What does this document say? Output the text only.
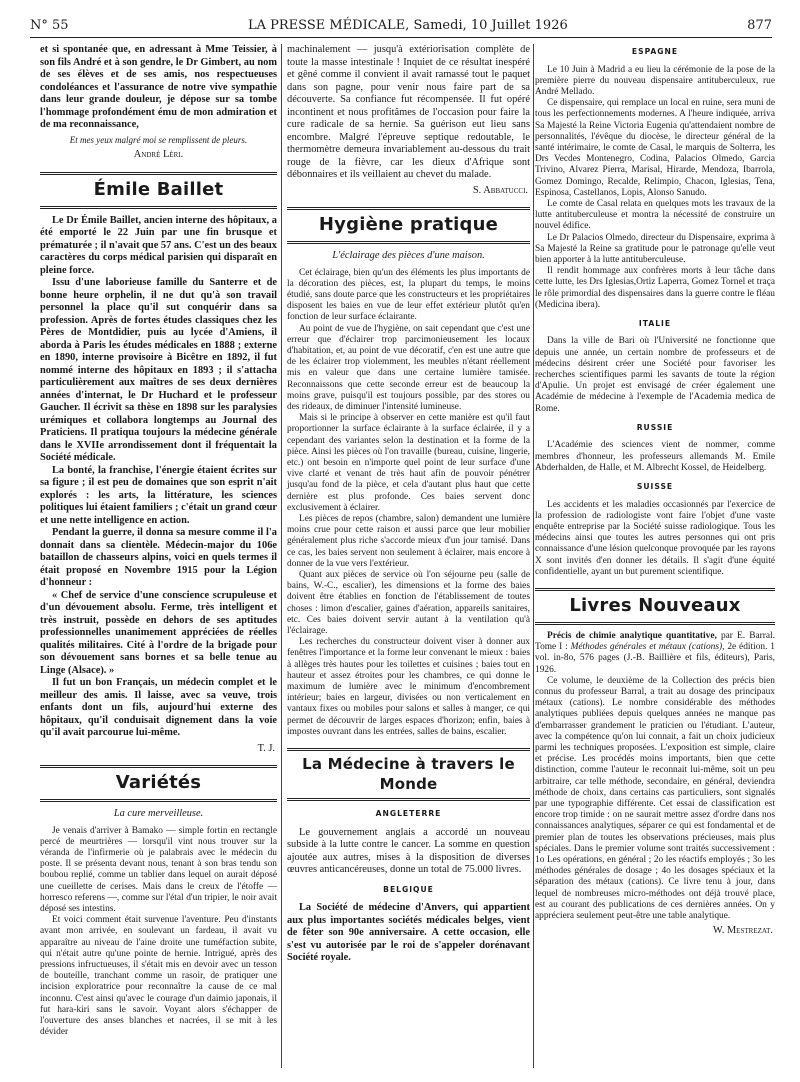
N° 55	LA PRESSE MÉDICALE, Samedi, 10 Juillet 1926	877

et si spontanée que, en adressant à Mme Teissier, à son fils André et à son gendre, le Dr Gimbert, au nom de ses élèves et de ses amis, nos respectueuses condoléances et l'assurance de notre vive sympathie dans leur grande douleur, je dépose sur sa tombe l'hommage profondément ému de mon admiration et de ma reconnaissance,

Et mes yeux malgré moi se remplissent de pleurs.
André Léri.
Émile Baillet

Le Dr Émile Baillet, ancien interne des hôpitaux, a été emporté le 22 Juin par une fin brusque et prématurée ; il n'avait que 57 ans. C'est un des beaux caractères du corps médical parisien qui disparaît en pleine force.

Issu d'une laborieuse famille du Santerre et de bonne heure orphelin, il ne dut qu'à son travail personnel la place qu'il sut conquérir dans sa profession. Après de fortes études classiques chez les Pères de Montdidier, puis au lycée d'Amiens, il aborda à Paris les études médicales en 1888 ; externe en 1890, interne provisoire à Bicêtre en 1892, il fut nommé interne des hôpitaux en 1893 ; il s'attacha particulièrement aux maîtres de ses deux dernières années d'internat, le Dr Huchard et le professeur Gaucher. Il écrivit sa thèse en 1898 sur les paralysies urémiques et collabora longtemps au Journal des Praticiens. Il pratiqua toujours la médecine générale dans le XVIIe arrondissement dont il fréquentait la Société médicale.

La bonté, la franchise, l'énergie étaient écrites sur sa figure ; il est peu de domaines que son esprit n'ait explorés : les arts, la littérature, les sciences politiques lui étaient familiers ; c'était un grand cœur et une nette intelligence en action.

Pendant la guerre, il donna sa mesure comme il l'a donnait dans sa clientèle. Médecin-major du 106e bataillon de chasseurs alpins, voici en quels termes il était proposé en Novembre 1915 pour la Légion d'honneur :

« Chef de service d'une conscience scrupuleuse et d'un dévouement absolu. Ferme, très intelligent et très instruit, possède en dehors de ses aptitudes professionnelles unanimement appréciées de réelles qualités militaires. Cité à l'ordre de la brigade pour son dévouement sans bornes et sa belle tenue au Linge (Alsace). »

Il fut un bon Français, un médecin complet et le meilleur des amis. Il laisse, avec sa veuve, trois enfants dont un fils, aujourd'hui externe des hôpitaux, qu'il conduisait dignement dans la voie qu'il avait parcourue lui-même.

T. J.
Variétés
La cure merveilleuse.

Je venais d'arriver à Bamako — simple fortin en rectangle percé de meurtrières — lorsqu'il vint nous trouver sur la véranda de l'infirmerie où je palabrais avec le médecin du poste. Il se présenta devant nous, tenant à son bras tendu son boubou replié, comme un tablier dans lequel on aurait déposé une cueillette de cerises. Mais dans le creux de l'étoffe — horresco referens —, comme sur l'étal d'un tripier, le noir avait déposé ses intestins.

Et voici comment était survenue l'aventure. Peu d'instants avant mon arrivée, en soulevant un fardeau, il avait vu apparaître au niveau de l'aine droite une tuméfaction subite, qui n'était autre qu'une pointe de hernie. Intrigué, après des pressions infructueuses, il s'était mis en devoir avec un tesson de bouteille, tranchant comme un rasoir, de pratiquer une incision exploratrice pour reconnaître la cause de ce mal inconnu. C'est ainsi qu'avec le courage d'un daimio japonais, il fut hara-kiri sans le savoir. Voyant alors s'échapper de l'ouverture des anses blanches et nacrées, il se mit à les dévider

machinalement — jusqu'à extériorisation complète de toute la masse intestinale ! Inquiet de ce résultat inespéré et gêné comme il convient il avait ramassé tout le paquet dans son pagne, pour venir nous faire part de sa découverte. Sa confiance fut récompensée. Il fut opéré incontinent et nous profitâmes de l'occasion pour faire la cure radicale de sa hernie. Sa guérison eut lieu sans encombre. Malgré l'épreuve septique redoutable, le thermomètre demeura invariablement au-dessous du trait rouge de la fièvre, car les dieux d'Afrique sont débonnaires et ils veillaient au chevet du malade.

S. Abbatucci.
Hygiène pratique
L'éclairage des pièces d'une maison.

Cet éclairage, bien qu'un des éléments les plus importants de la décoration des pièces, est, la plupart du temps, le moins étudié, sans doute parce que les constructeurs et les propriétaires disposent les baies en vue de leur effet extérieur plutôt qu'en fonction de leur surface éclairante.

Au point de vue de l'hygiène, on sait cependant que c'est une erreur que d'éclairer trop parcimonieusement les locaux d'habitation, et, au point de vue décoratif, c'en est une autre que de les éclairer trop violemment, les meubles n'étant réellement mis en valeur que dans une certaine lumière tamisée. Reconnaissons que cette seconde erreur est de beaucoup la moins grave, puisqu'il est toujours possible, par des stores ou des rideaux, de diminuer l'intensité lumineuse.

Mais si le principe à observer en cette manière est qu'il faut proportionner la surface éclairante à la surface éclairée, il y a cependant des variantes selon la destination et la forme de la pièce. Ainsi les pièces où l'on travaille (bureau, cuisine, lingerie, etc.) ont besoin en n'importe quel point de leur surface d'une vive clarté et venant de très haut afin de pouvoir pénétrer jusqu'au fond de la pièce, et cela d'autant plus haut que cette dernière est plus profonde. Ces baies servent donc exclusivement à éclairer.

Les pièces de repos (chambre, salon) demandent une lumière moins crue pour cette raison et aussi parce que leur mobilier généralement plus riche s'accorde mieux d'un jour tamisé. Dans ce cas, les baies servent non seulement à éclairer, mais encore à donner de la vue vers l'extérieur.

Quant aux pièces de service où l'on séjourne peu (salle de bains, W.-C., escalier), les dimensions et la forme des baies doivent être établies en fonction de l'établissement de toutes choses : limon d'escalier, gaines d'aération, appareils sanitaires, etc. Ces baies doivent servir autant à la ventilation qu'à l'éclairage.

Les recherches du constructeur doivent viser à donner aux fenêtres l'importance et la forme leur convenant le mieux : baies à allèges très hautes pour les toilettes et cuisines ; baies tout en hauteur et assez étroites pour les chambres, ce qui donne le maximum de lumière avec le minimum d'encombrement intérieur; baies en largeur, divisées ou non verticalement en vantaux fixes ou mobiles pour salons et salles à manger, ce qui permet de découvrir de larges espaces d'horizon; enfin, baies à impostes ouvrant dans les entrées, salles de bains, escalier.

La Médecine à travers le Monde
ANGLETERRE

Le gouvernement anglais a accordé un nouveau subside à la lutte contre le cancer. La somme en question ajoutée aux autres, mises à la disposition de diverses œuvres anticancéreuses, donne un total de 75.000 livres.

BELGIQUE

La Société de médecine d'Anvers, qui appartient aux plus importantes sociétés médicales belges, vient de fêter son 90e anniversaire. A cette occasion, elle s'est vu autorisée par le roi de s'appeler dorénavant Société royale.

ESPAGNE

Le 10 Juin à Madrid a eu lieu la cérémonie de la pose de la première pierre du nouveau dispensaire antituberculeux, rue André Mellado.

Ce dispensaire, qui remplace un local en ruine, sera muni de tous les perfectionnements modernes. A l'heure indiquée, arriva Sa Majesté la Reine Victoria Eugenia qu'attendaient nombre de personnalités, l'évêque du diocèse, le directeur général de la santé intérimaire, le comte de Casal, le marquis de Solterra, les Drs Vecdes Montenegro, Codina, Palacios Olmedo, Garcia Trivino, Alvarez Pierra, Marisal, Hirarde, Mendoza, Ibarrola, Gomez Domingo, Recalde, Relimpio, Chacon, Iglesias, Tena, Espinosa, Castellanos, Lopis, Alonso Sanudo.

Le comte de Casal relata en quelques mots les travaux de la lutte antituberculeuse et montra la nécessité de construire un nouvel édifice.

Le Dr Palacios Olmedo, directeur du Dispensaire, exprima à Sa Majesté la Reine sa gratitude pour le patronage qu'elle veut bien apporter à la lutte antituberculeuse.

Il rendit hommage aux confrères morts à leur tâche dans cette lutte, les Drs Iglesias,Ortiz Laperra, Gomez Tornel et traça le rôle primordial des dispensaires dans la guerre contre le fléau (Medicina ibera).

ITALIE

Dans la ville de Bari où l'Université ne fonctionne que depuis une année, un certain nombre de professeurs et de médecins désirent créer une Société pour favoriser les recherches scientifiques parmi les savants de toute la région d'Apulie. Un projet est envisagé de créer également une Académie de médecine à l'exemple de l'Academia medica de Rome.

RUSSIE

L'Académie des sciences vient de nommer, comme membres d'honneur, les professeurs allemands M. Emile Abderhalden, de Halle, et M. Albrecht Kossel, de Heidelberg.

SUISSE

Les accidents et les maladies occasionnés par l'exercice de la profession de radiologiste vont faire l'objet d'une vaste enquête entreprise par la Société suisse radiologique. Tous les médecins ainsi que toutes les autres personnes qui ont pris connaissance d'une lésion quelconque provoquée par les rayons X sont invités d'en donner les détails. Il s'agit d'une équité confidentielle, ayant un but purement scientifique.

Livres Nouveaux

Précis de chimie analytique quantitative, par E. Barral. Tome I : Méthodes générales et métaux (cations), 2e édition. 1 vol. in-8o, 576 pages (J.-B. Baillière et fils, éditeurs), Paris, 1926.

Ce volume, le deuxième de la Collection des précis bien connus du professeur Barral, a trait au dosage des principaux métaux (cations). Le nombre considérable des méthodes analytiques publiées depuis quelques années ne manque pas d'embarrasser grandement le praticien ou l'étudiant. L'auteur, avec la compétence qu'on lui connait, a fait un choix judicieux parmi les techniques proposées. L'exposition est simple, claire et précise. Les procédés moins importants, bien que cette distinction, comme l'auteur le reconnait lui-même, soit un peu arbitraire, car telle méthode, secondaire, en général, deviendra méthode de choix, dans certains cas particuliers, sont signalés par une typographie différente. Cet essai de classification est encore trop timide : on ne saurait mettre assez d'ordre dans nos connaissances analytiques, séparer ce qui est fondamental et de premier plan de toutes les observations précieuses, mais plus spéciales. Dans le premier volume sont traités successivement : 1o Les opérations, en général ; 2o les réactifs employés ; 3o les méthodes générales de dosage ; 4o les dosages spéciaux et la séparation des métaux (cations). Ce livre tenu à jour, dans lequel de nombreuses micro-méthodes ont déjà trouvé place, est au courant des publications de ces dernières années. On y appréciera seulement peut-être une table analytique.

W. Mestrezat.
